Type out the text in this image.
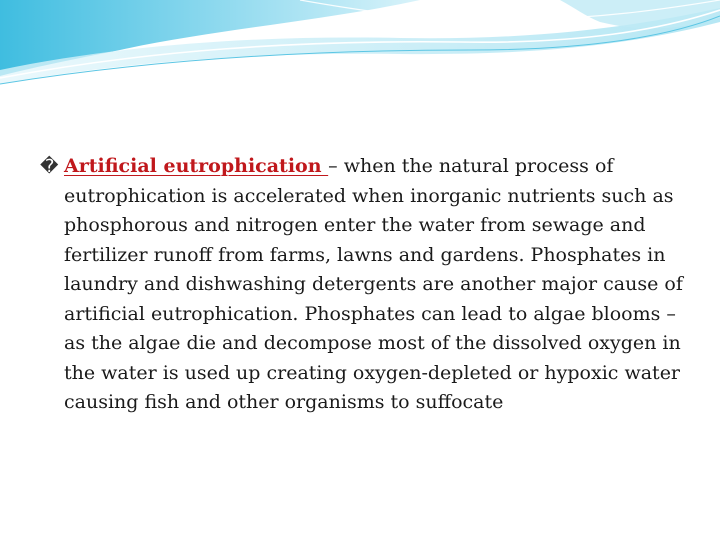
� Artificial eutrophication – when the natural process of eutrophication is accelerated when inorganic nutrients such as phosphorous and nitrogen enter the water from sewage and fertilizer runoff from farms, lawns and gardens. Phosphates in laundry and dishwashing detergents are another major cause of artificial eutrophication. Phosphates can lead to algae blooms – as the algae die and decompose most of the dissolved oxygen in the water is used up creating oxygen-depleted or hypoxic water causing fish and other organisms to suffocate
